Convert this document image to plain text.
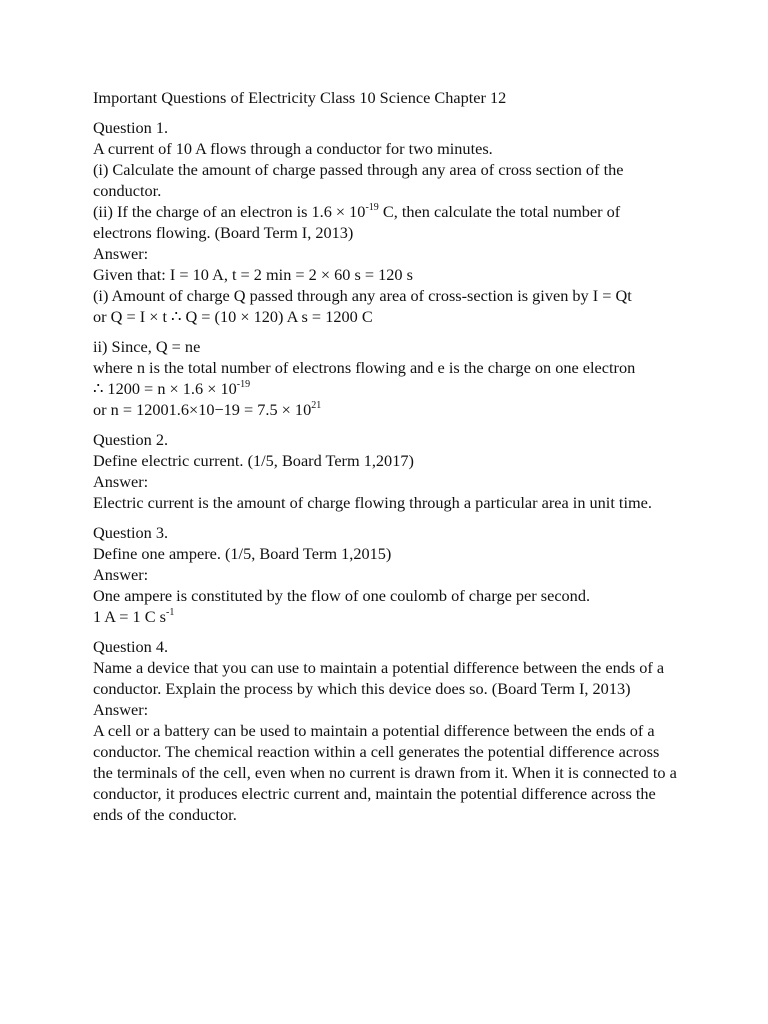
Important Questions of Electricity Class 10 Science Chapter 12

Question 1.

A current of 10 A flows through a conductor for two minutes.

(i) Calculate the amount of charge passed through any area of cross section of the conductor.

(ii) If the charge of an electron is $1.6 \times 10^{-19}$ C, then calculate the total number of electrons flowing. (Board Term I, 2013)

Answer:

Given that: I = 10 A, t = 2 min = 2 × 60 s = 120 s

(i) Amount of charge Q passed through any area of cross-section is given by I = Qt

or Q = I × t ∴ Q = (10 × 120) A s = 1200 C

ii) Since, Q = ne

where n is the total number of electrons flowing and e is the charge on one electron

∴ $1200 = n \times 1.6 \times 10^{-19}$

or $n = 12001.6\times 10-19 = 7.5 \times 10^{21}$

Question 2.

Define electric current. (1/5, Board Term 1,2017)

Answer:

Electric current is the amount of charge flowing through a particular area in unit time.

Question 3.

Define one ampere. (1/5, Board Term 1,2015)

Answer:

One ampere is constituted by the flow of one coulomb of charge per second.

1 A = 1 C $s^{-1}$

Question 4.

Name a device that you can use to maintain a potential difference between the ends of a conductor. Explain the process by which this device does so. (Board Term I, 2013)

Answer:

A cell or a battery can be used to maintain a potential difference between the ends of a conductor. The chemical reaction within a cell generates the potential difference across the terminals of the cell, even when no current is drawn from it. When it is connected to a conductor, it produces electric current and, maintain the potential difference across the ends of the conductor.
